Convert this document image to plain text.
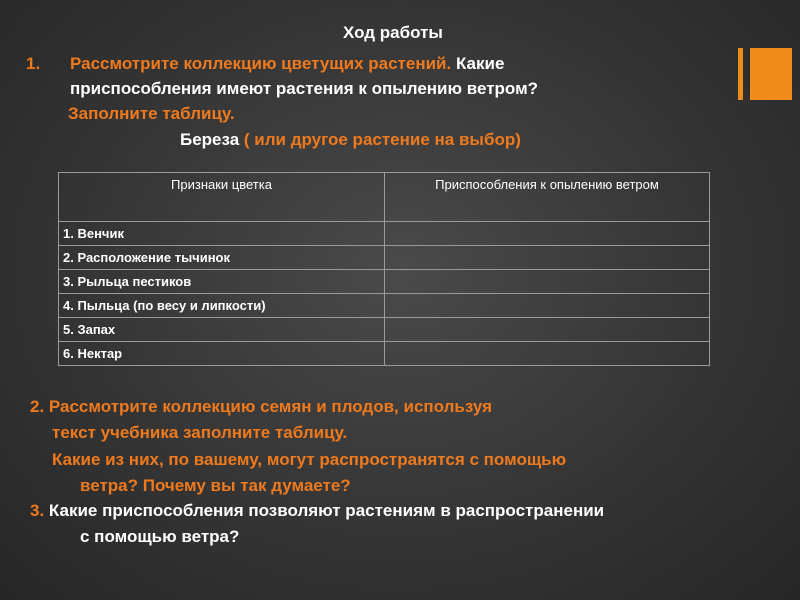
Ход работы
1. Рассмотрите коллекцию цветущих растений. Какие
приспособления имеют растения к опылению ветром?
Заполните таблицу.
Береза ( или другое растение на выбор)
Признаки цветка	Приспособления к опылению ветром
1. Венчик	
2. Расположение тычинок	
3. Рыльца пестиков	
4. Пыльца (по весу и липкости)	
5. Запах	
6. Нектар	
2. Рассмотрите коллекцию семян и плодов, используя
текст учебника заполните таблицу.
Какие из них, по вашему, могут распространятся с помощью
ветра? Почему вы так думаете?
3. Какие приспособления позволяют растениям в распространении
с помощью ветра?
